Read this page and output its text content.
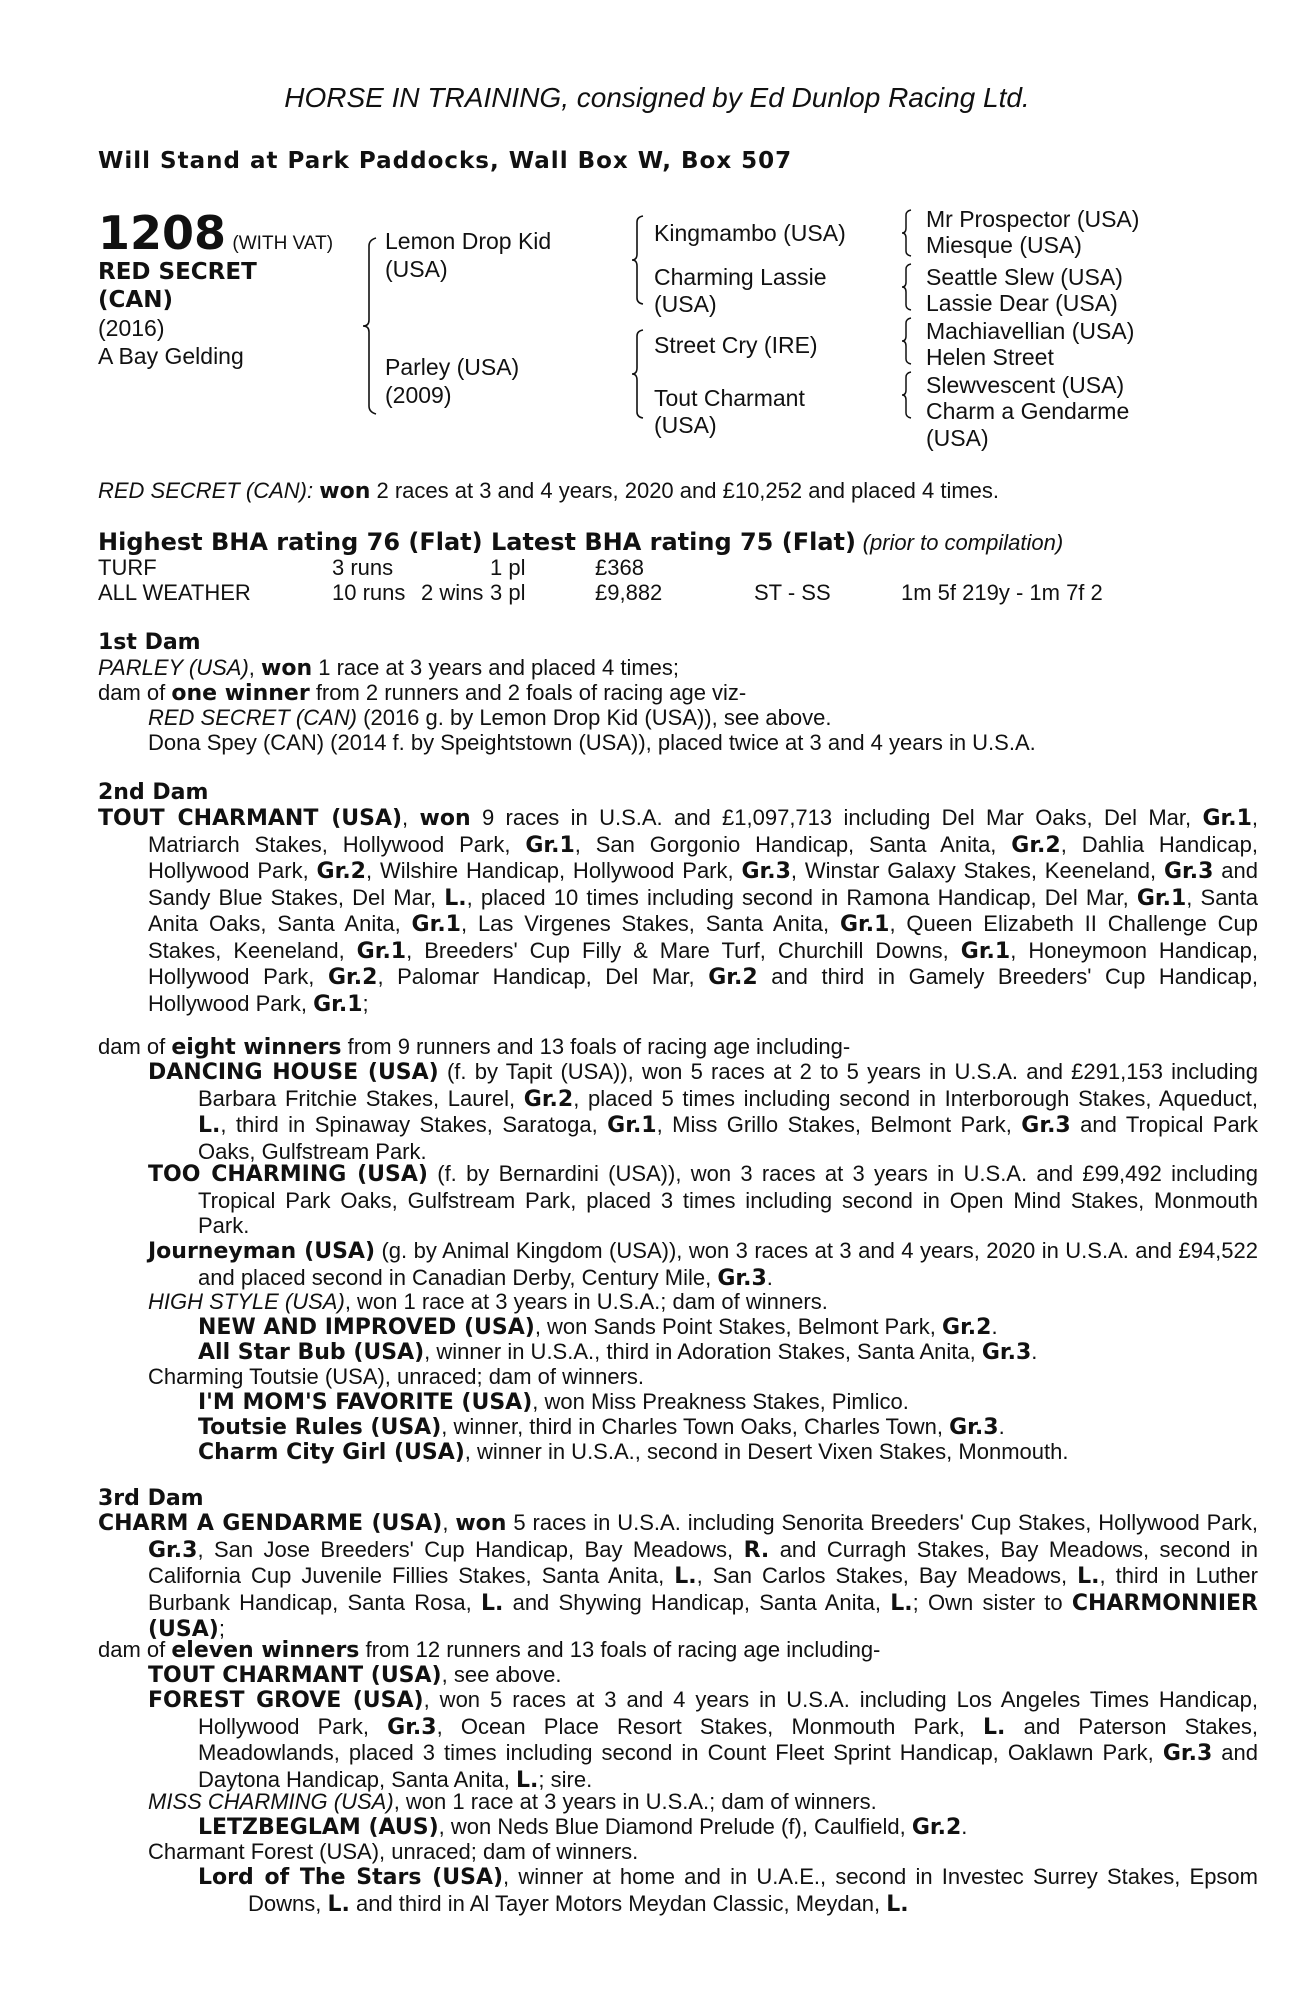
HORSE IN TRAINING, consigned by Ed Dunlop Racing Ltd.
Will Stand at Park Paddocks, Wall Box W, Box 507
1208 (WITH VAT)
RED SECRET
(CAN)
(2016)
A Bay Gelding
Lemon Drop Kid
(USA)
Parley (USA)
(2009)
Kingmambo (USA)
Charming Lassie
(USA)
Street Cry (IRE)
Tout Charmant
(USA)
Mr Prospector (USA)
Miesque (USA)
Seattle Slew (USA)
Lassie Dear (USA)
Machiavellian (USA)
Helen Street
Slewvescent (USA)
Charm a Gendarme
(USA)
RED SECRET (CAN): won 2 races at 3 and 4 years, 2020 and £10,252 and placed 4 times.
Highest BHA rating 76 (Flat) Latest BHA rating 75 (Flat) (prior to compilation)
TURF	3 runs	1 pl	£368
ALL WEATHER	10 runs 2 wins 3 pl	£9,882	ST - SS	1m 5f 219y - 1m 7f 2
1st Dam
PARLEY (USA), won 1 race at 3 years and placed 4 times;
dam of one winner from 2 runners and 2 foals of racing age viz-
RED SECRET (CAN) (2016 g. by Lemon Drop Kid (USA)), see above.
Dona Spey (CAN) (2014 f. by Speightstown (USA)), placed twice at 3 and 4 years in U.S.A.
2nd Dam
TOUT CHARMANT (USA), won 9 races in U.S.A. and £1,097,713 including Del Mar Oaks, Del Mar, Gr.1, Matriarch Stakes, Hollywood Park, Gr.1, San Gorgonio Handicap, Santa Anita, Gr.2, Dahlia Handicap, Hollywood Park, Gr.2, Wilshire Handicap, Hollywood Park, Gr.3, Winstar Galaxy Stakes, Keeneland, Gr.3 and Sandy Blue Stakes, Del Mar, L., placed 10 times including second in Ramona Handicap, Del Mar, Gr.1, Santa Anita Oaks, Santa Anita, Gr.1, Las Virgenes Stakes, Santa Anita, Gr.1, Queen Elizabeth II Challenge Cup Stakes, Keeneland, Gr.1, Breeders' Cup Filly & Mare Turf, Churchill Downs, Gr.1, Honeymoon Handicap, Hollywood Park, Gr.2, Palomar Handicap, Del Mar, Gr.2 and third in Gamely Breeders' Cup Handicap, Hollywood Park, Gr.1;
dam of eight winners from 9 runners and 13 foals of racing age including-
DANCING HOUSE (USA) (f. by Tapit (USA)), won 5 races at 2 to 5 years in U.S.A. and £291,153 including Barbara Fritchie Stakes, Laurel, Gr.2, placed 5 times including second in Interborough Stakes, Aqueduct, L., third in Spinaway Stakes, Saratoga, Gr.1, Miss Grillo Stakes, Belmont Park, Gr.3 and Tropical Park Oaks, Gulfstream Park.
TOO CHARMING (USA) (f. by Bernardini (USA)), won 3 races at 3 years in U.S.A. and £99,492 including Tropical Park Oaks, Gulfstream Park, placed 3 times including second in Open Mind Stakes, Monmouth Park.
Journeyman (USA) (g. by Animal Kingdom (USA)), won 3 races at 3 and 4 years, 2020 in U.S.A. and £94,522 and placed second in Canadian Derby, Century Mile, Gr.3.
HIGH STYLE (USA), won 1 race at 3 years in U.S.A.; dam of winners.
NEW AND IMPROVED (USA), won Sands Point Stakes, Belmont Park, Gr.2.
All Star Bub (USA), winner in U.S.A., third in Adoration Stakes, Santa Anita, Gr.3.
Charming Toutsie (USA), unraced; dam of winners.
I'M MOM'S FAVORITE (USA), won Miss Preakness Stakes, Pimlico.
Toutsie Rules (USA), winner, third in Charles Town Oaks, Charles Town, Gr.3.
Charm City Girl (USA), winner in U.S.A., second in Desert Vixen Stakes, Monmouth.
3rd Dam
CHARM A GENDARME (USA), won 5 races in U.S.A. including Senorita Breeders' Cup Stakes, Hollywood Park, Gr.3, San Jose Breeders' Cup Handicap, Bay Meadows, R. and Curragh Stakes, Bay Meadows, second in California Cup Juvenile Fillies Stakes, Santa Anita, L., San Carlos Stakes, Bay Meadows, L., third in Luther Burbank Handicap, Santa Rosa, L. and Shywing Handicap, Santa Anita, L.; Own sister to CHARMONNIER (USA);
dam of eleven winners from 12 runners and 13 foals of racing age including-
TOUT CHARMANT (USA), see above.
FOREST GROVE (USA), won 5 races at 3 and 4 years in U.S.A. including Los Angeles Times Handicap, Hollywood Park, Gr.3, Ocean Place Resort Stakes, Monmouth Park, L. and Paterson Stakes, Meadowlands, placed 3 times including second in Count Fleet Sprint Handicap, Oaklawn Park, Gr.3 and Daytona Handicap, Santa Anita, L.; sire.
MISS CHARMING (USA), won 1 race at 3 years in U.S.A.; dam of winners.
LETZBEGLAM (AUS), won Neds Blue Diamond Prelude (f), Caulfield, Gr.2.
Charmant Forest (USA), unraced; dam of winners.
Lord of The Stars (USA), winner at home and in U.A.E., second in Investec Surrey Stakes, Epsom Downs, L. and third in Al Tayer Motors Meydan Classic, Meydan, L.
